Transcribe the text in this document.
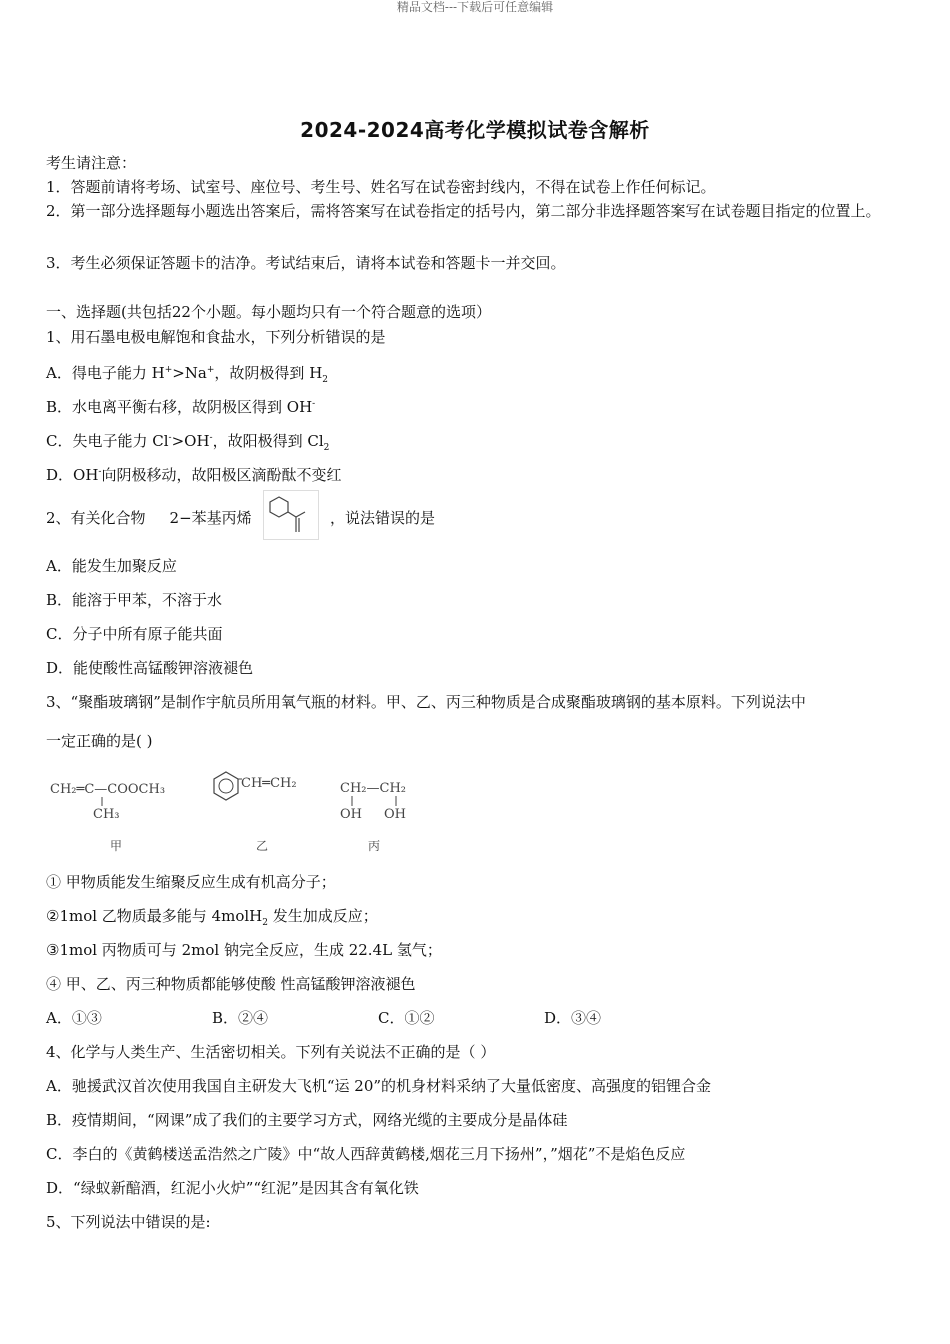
精品文档---下载后可任意编辑
2024-2024高考化学模拟试卷含解析
考生请注意：
1．答题前请将考场、试室号、座位号、考生号、姓名写在试卷密封线内，不得在试卷上作任何标记。
2．第一部分选择题每小题选出答案后，需将答案写在试卷指定的括号内，第二部分非选择题答案写在试卷题目指定的位置上。
3．考生必须保证答题卡的洁净。考试结束后，请将本试卷和答题卡一并交回。
一、选择题(共包括22个小题。每小题均只有一个符合题意的选项）
1、用石墨电极电解饱和食盐水，下列分析错误的是
A．得电子能力 H+>Na+，故阴极得到 $H_2$
B．水电离平衡右移，故阴极区得到 OH-
C．失电子能力 Cl->OH-，故阳极得到 $Cl_2$
D．OH-向阴极移动，故阳极区滴酚酞不变红
2、有关化合物 2−苯基丙烯	，说法错误的是
A．能发生加聚反应
B．能溶于甲苯，不溶于水
C．分子中所有原子能共面
D．能使酸性高锰酸钾溶液褪色
3、“聚酯玻璃钢”是制作宇航员所用氧气瓶的材料。甲、乙、丙三种物质是合成聚酯玻璃钢的基本原料。下列说法中
一定正确的是( )
CH₂═C—COOCH₃
CH₃
甲
CH═CH₂
乙
CH₂—CH₂
OH OH
丙
① 甲物质能发生缩聚反应生成有机高分子；
②1mol 乙物质最多能与 4molH$_2$ 发生加成反应；
③1mol 丙物质可与 2mol 钠完全反应，生成 22.4L 氢气；
④ 甲、乙、丙三种物质都能够使酸 性高锰酸钾溶液褪色
A．①③	B．②④	C．①②	D．③④
4、化学与人类生产、生活密切相关。下列有关说法不正确的是（ ）
A．驰援武汉首次使用我国自主研发大飞机“运 20”的机身材料采纳了大量低密度、高强度的铝锂合金
B．疫情期间，“网课”成了我们的主要学习方式，网络光缆的主要成分是晶体硅
C．李白的《黄鹤楼送孟浩然之广陵》中“故人西辞黄鹤楼,烟花三月下扬州”，”烟花”不是焰色反应
D．“绿蚁新醅酒，红泥小火炉”“红泥”是因其含有氧化铁
5、下列说法中错误的是:
